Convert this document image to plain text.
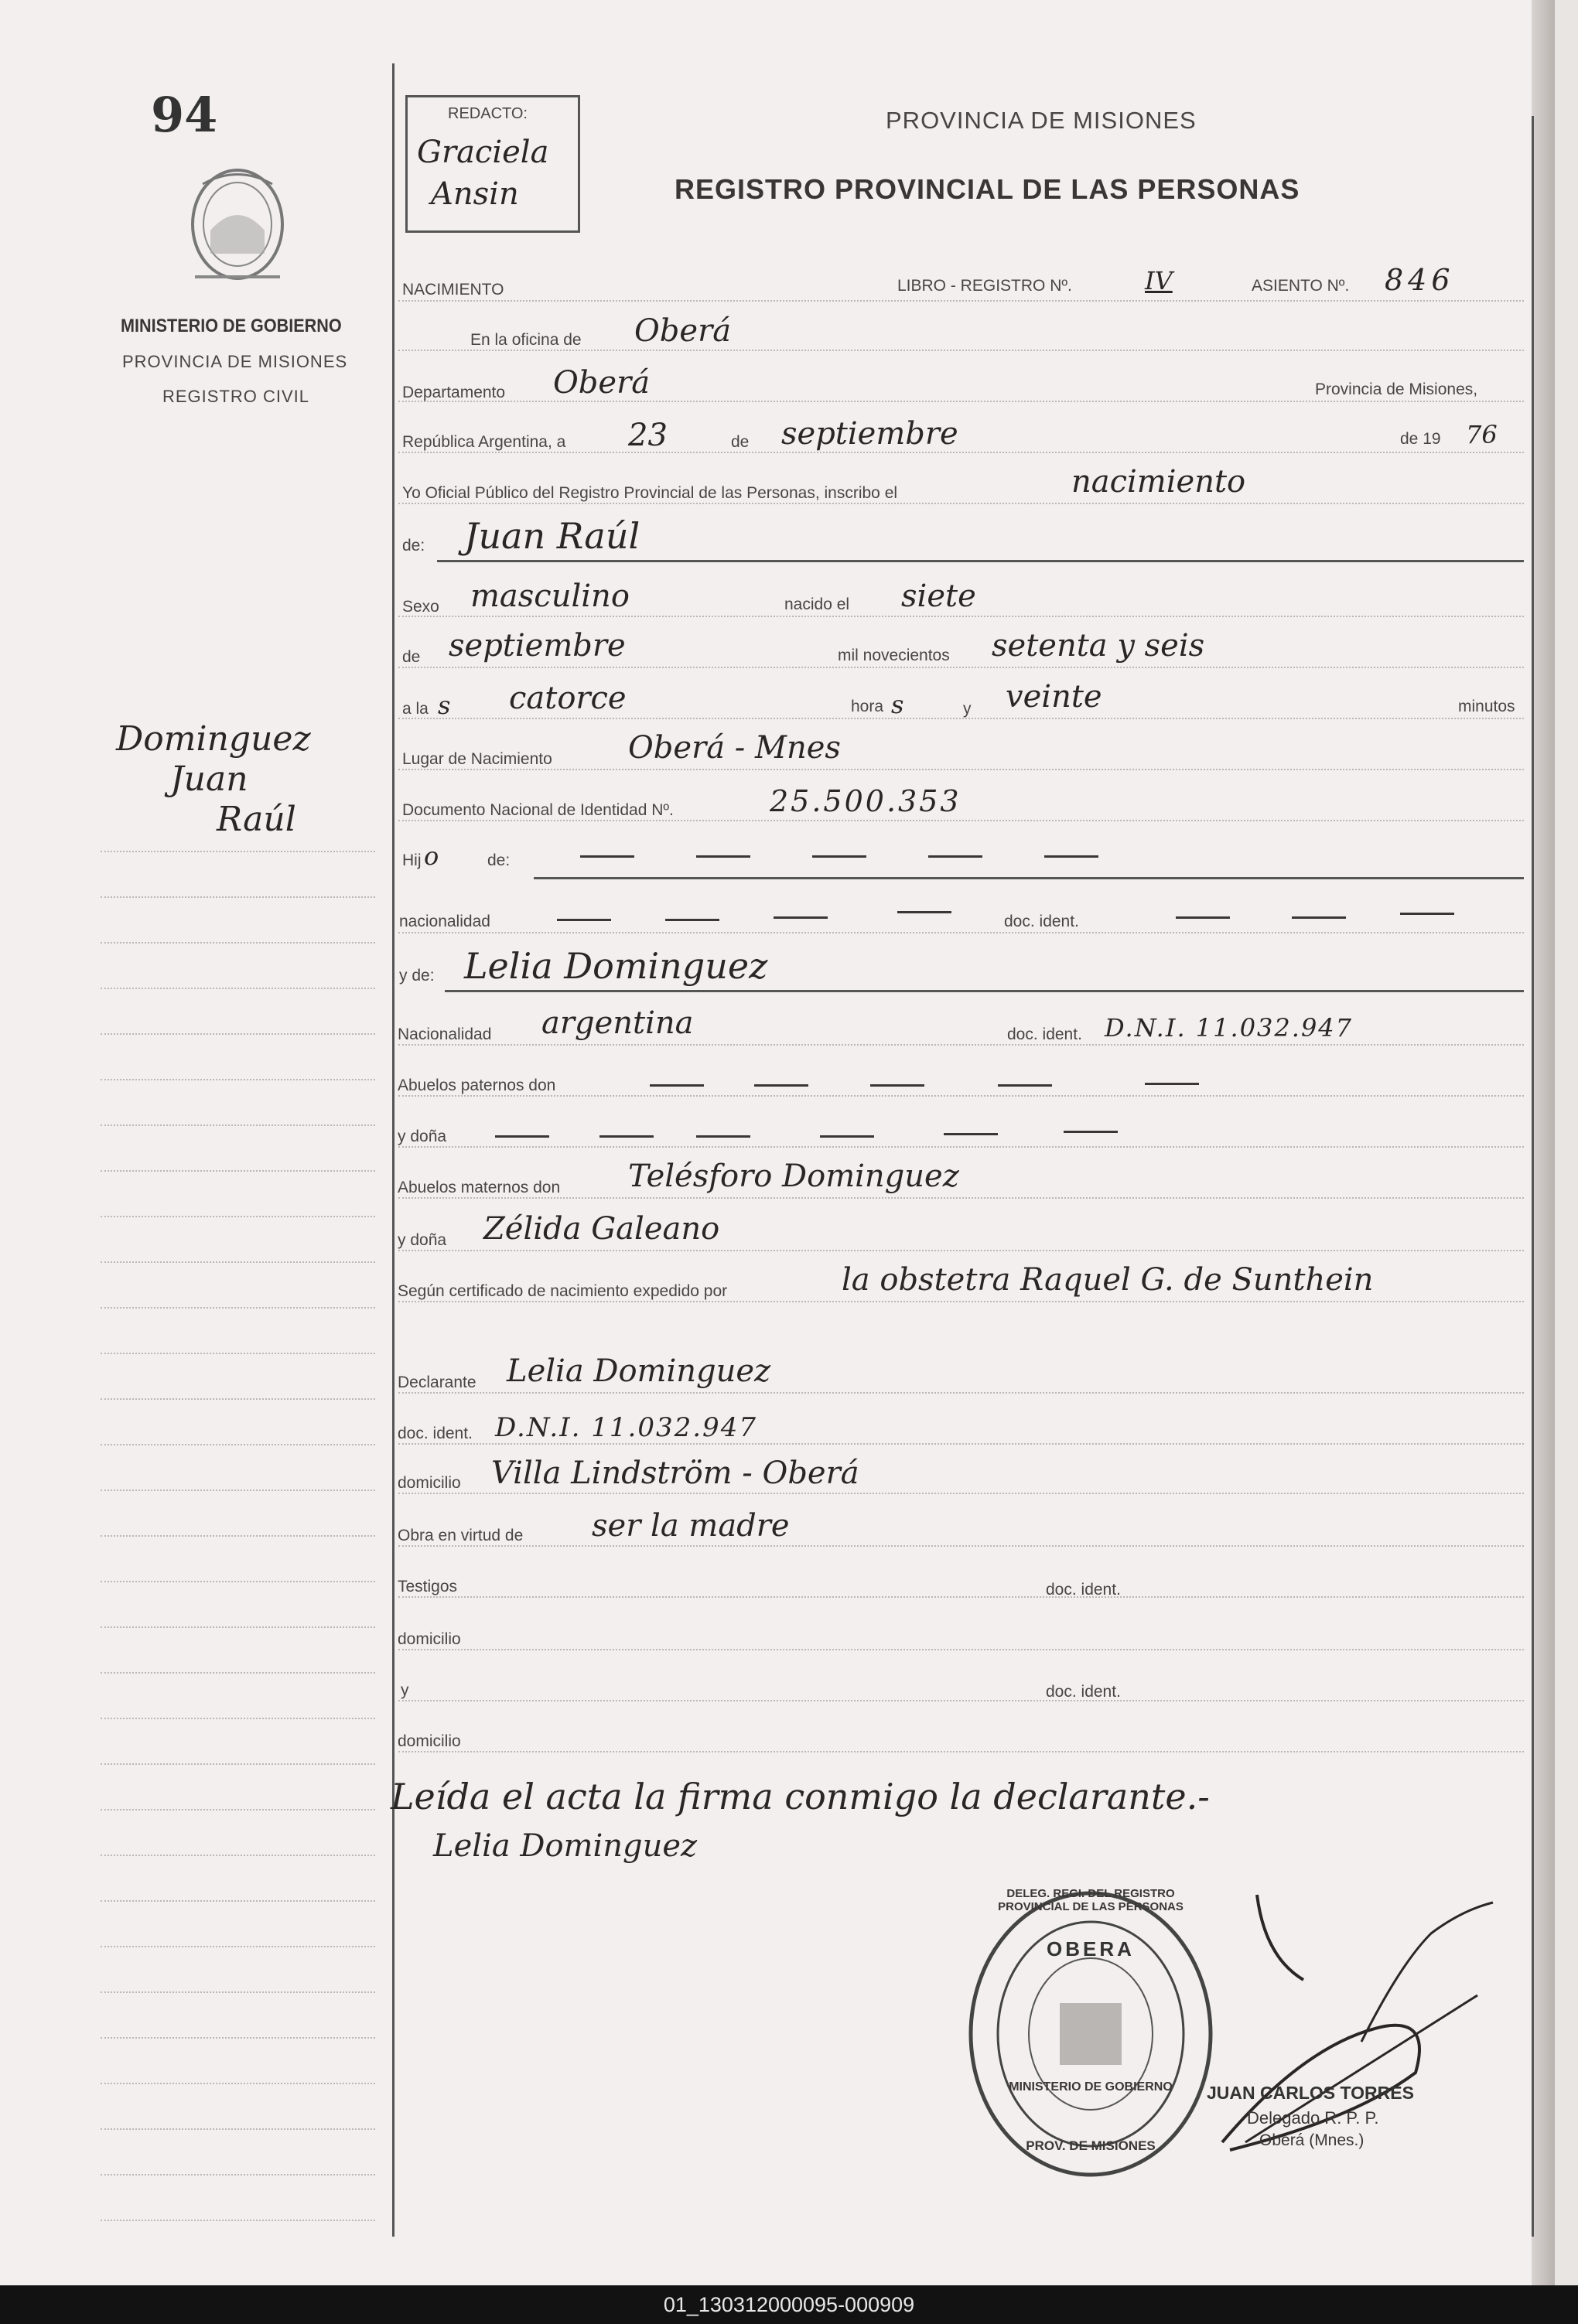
94
MINISTERIO DE GOBIERNO
PROVINCIA DE MISIONES
REGISTRO CIVIL
Dominguez
Juan
Raúl
REDACTO:
Graciela
Ansin
PROVINCIA DE MISIONES
REGISTRO PROVINCIAL DE LAS PERSONAS
NACIMIENTO	LIBRO - REGISTRO Nº.	IV	ASIENTO Nº. 846
En la oficina de Oberá
Departamento Oberá	Provincia de Misiones,
República Argentina, a 23	de septiembre	de 19 76
Yo Oficial Público del Registro Provincial de las Personas, inscribo el	nacimiento
de: Juan Raúl
Sexo masculino	nacido el siete
de septiembre	mil novecientos setenta y seis
a la s catorce	hora s	y veinte	minutos
Lugar de Nacimiento Oberá - Mnes
Documento Nacional de Identidad Nº.	25.500.353
Hij o	de:
nacionalidad	doc. ident.
y de: Lelia Dominguez
Nacionalidad argentina	doc. ident. D.N.I. 11.032.947
Abuelos paternos don
y doña
Abuelos maternos don Telésforo Dominguez
y doña Zélida Galeano
Según certificado de nacimiento expedido por	la obstetra Raquel G. de Sunthein
Declarante Lelia Dominguez
doc. ident. D.N.I. 11.032.947
domicilio Villa Lindström - Oberá
Obra en virtud de ser la madre
Testigos	doc. ident.
domicilio
y	doc. ident.
domicilio
Leída el acta la firma conmigo la declarante.-
Lelia Dominguez
DELEG. REGI. DEL REGISTRO PROVINCIAL DE LAS PERSONAS
OBERA
MINISTERIO DE GOBIERNO
PROV. DE MISIONES
JUAN CARLOS TORRES
Delegado R. P. P.
Oberá (Mnes.)
01_130312000095-000909
